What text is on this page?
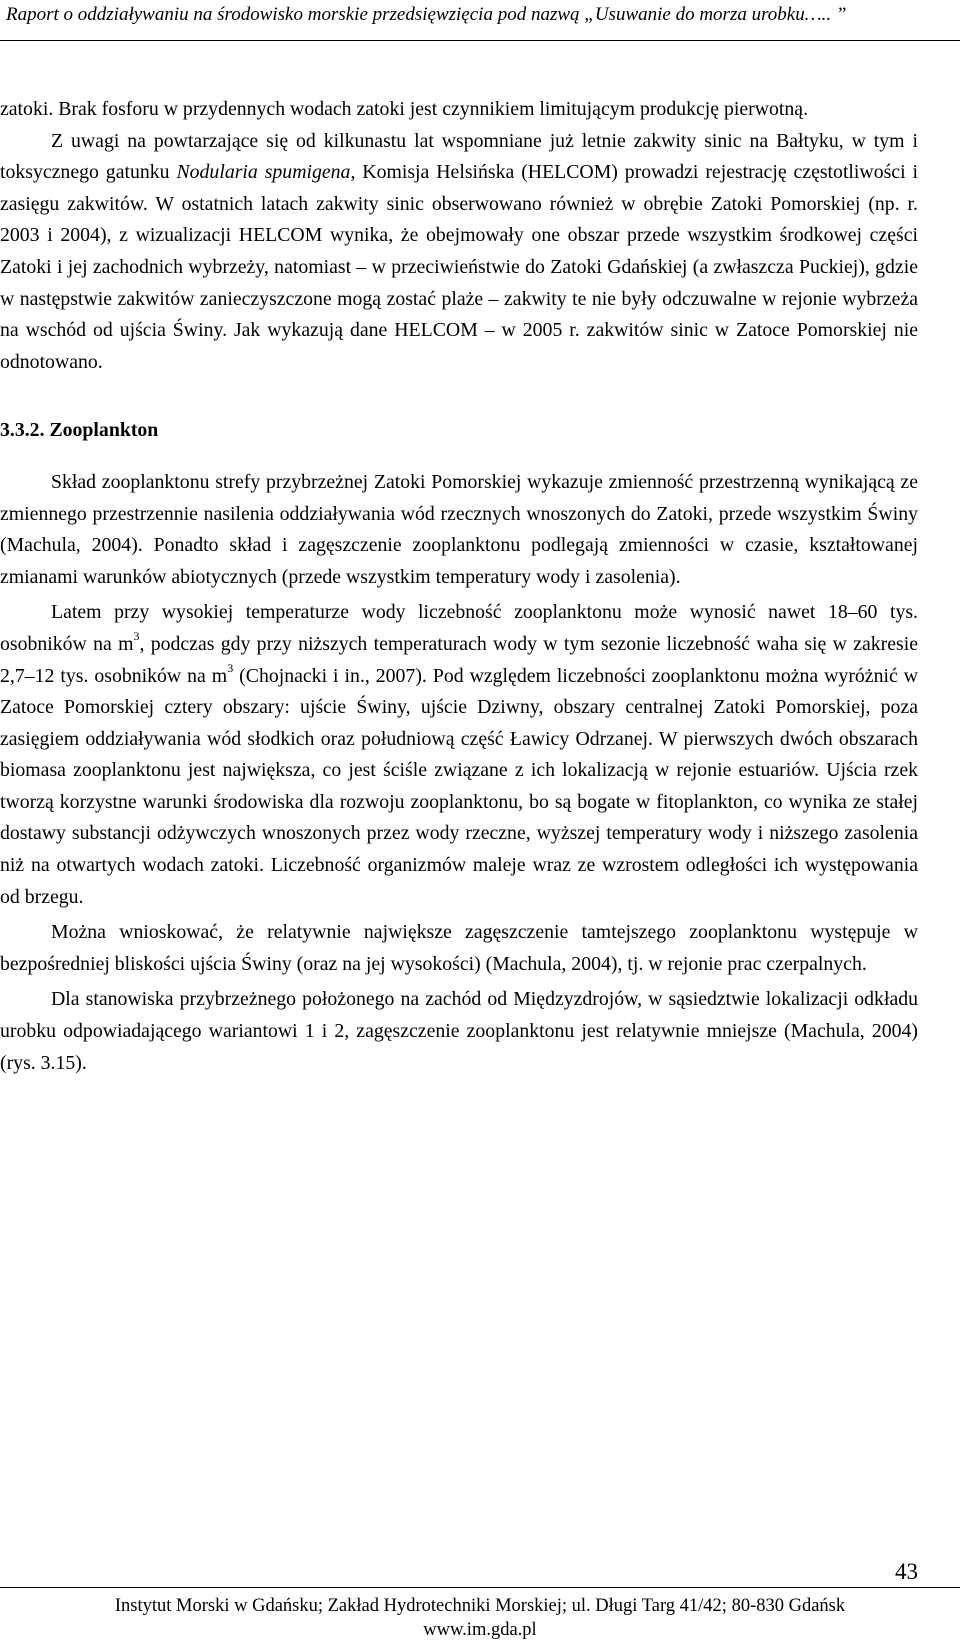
Raport o oddziaływaniu na środowisko morskie przedsięwzięcia pod nazwą „Usuwanie do morza urobku….. ”

zatoki. Brak fosforu w przydennych wodach zatoki jest czynnikiem limitującym produkcję pierwotną.

Z uwagi na powtarzające się od kilkunastu lat wspomniane już letnie zakwity sinic na Bałtyku, w tym i toksycznego gatunku Nodularia spumigena, Komisja Helsińska (HELCOM) prowadzi rejestrację częstotliwości i zasięgu zakwitów. W ostatnich latach zakwity sinic obserwowano również w obrębie Zatoki Pomorskiej (np. r. 2003 i 2004), z wizualizacji HELCOM wynika, że obejmowały one obszar przede wszystkim środkowej części Zatoki i jej zachodnich wybrzeży, natomiast – w przeciwieństwie do Zatoki Gdańskiej (a zwłaszcza Puckiej), gdzie w następstwie zakwitów zanieczyszczone mogą zostać plaże – zakwity te nie były odczuwalne w rejonie wybrzeża na wschód od ujścia Świny. Jak wykazują dane HELCOM – w 2005 r. zakwitów sinic w Zatoce Pomorskiej nie odnotowano.

3.3.2. Zooplankton

Skład zooplanktonu strefy przybrzeżnej Zatoki Pomorskiej wykazuje zmienność przestrzenną wynikającą ze zmiennego przestrzennie nasilenia oddziaływania wód rzecznych wnoszonych do Zatoki, przede wszystkim Świny (Machula, 2004). Ponadto skład i zagęszczenie zooplanktonu podlegają zmienności w czasie, kształtowanej zmianami warunków abiotycznych (przede wszystkim temperatury wody i zasolenia).

Latem przy wysokiej temperaturze wody liczebność zooplanktonu może wynosić nawet 18–60 tys. osobników na $m^3$, podczas gdy przy niższych temperaturach wody w tym sezonie liczebność waha się w zakresie 2,7–12 tys. osobników na $m^3$ (Chojnacki i in., 2007). Pod względem liczebności zooplanktonu można wyróżnić w Zatoce Pomorskiej cztery obszary: ujście Świny, ujście Dziwny, obszary centralnej Zatoki Pomorskiej, poza zasięgiem oddziaływania wód słodkich oraz południową część Ławicy Odrzanej. W pierwszych dwóch obszarach biomasa zooplanktonu jest największa, co jest ściśle związane z ich lokalizacją w rejonie estuariów. Ujścia rzek tworzą korzystne warunki środowiska dla rozwoju zooplanktonu, bo są bogate w fitoplankton, co wynika ze stałej dostawy substancji odżywczych wnoszonych przez wody rzeczne, wyższej temperatury wody i niższego zasolenia niż na otwartych wodach zatoki. Liczebność organizmów maleje wraz ze wzrostem odległości ich występowania od brzegu.

Można wnioskować, że relatywnie największe zagęszczenie tamtejszego zooplanktonu występuje w bezpośredniej bliskości ujścia Świny (oraz na jej wysokości) (Machula, 2004), tj. w rejonie prac czerpalnych.

Dla stanowiska przybrzeżnego położonego na zachód od Międzyzdrojów, w sąsiedztwie lokalizacji odkładu urobku odpowiadającego wariantowi 1 i 2, zagęszczenie zooplanktonu jest relatywnie mniejsze (Machula, 2004) (rys. 3.15).

43
Instytut Morski w Gdańsku; Zakład Hydrotechniki Morskiej; ul. Długi Targ 41/42; 80-830 Gdańsk
www.im.gda.pl
